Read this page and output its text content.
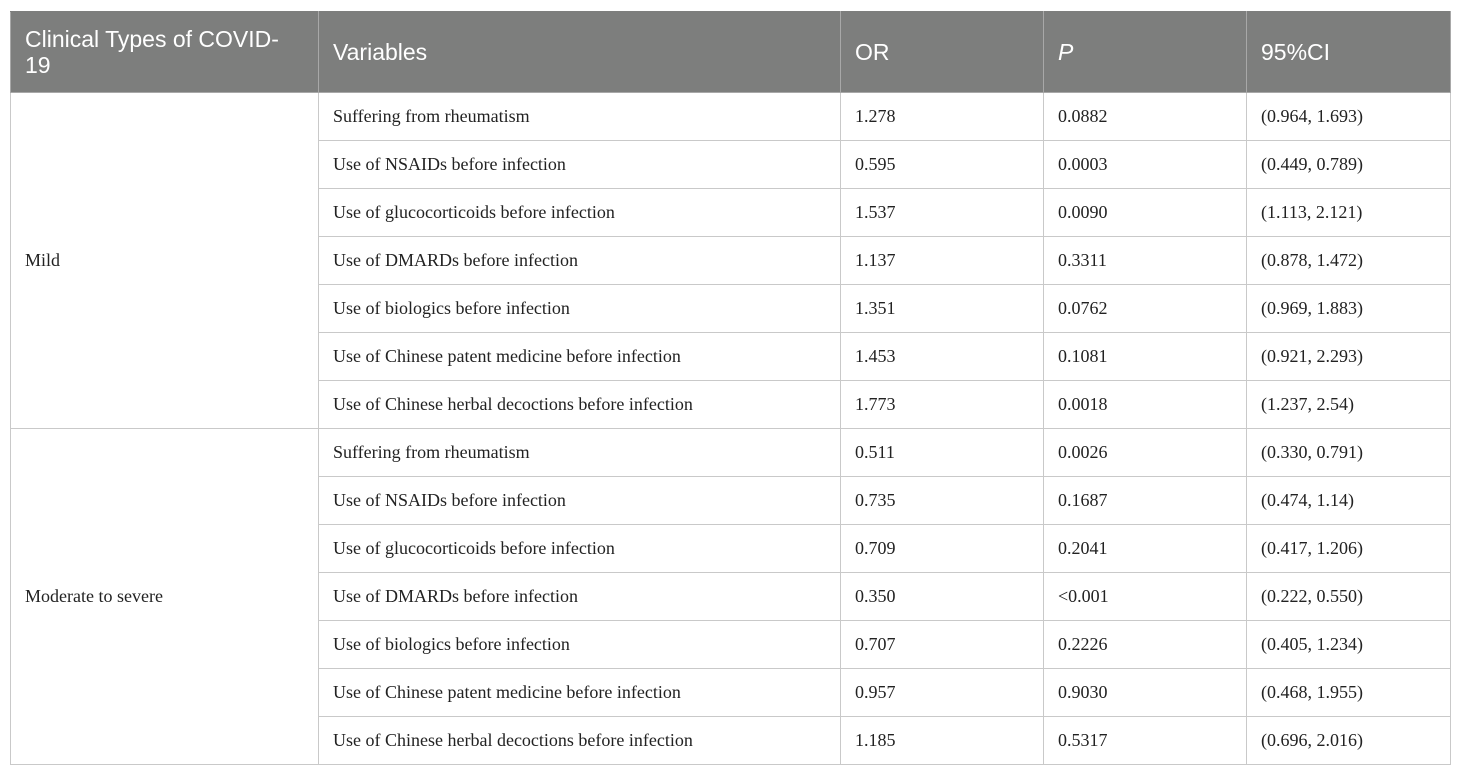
Clinical Types of COVID-19	Variables	OR	P	95%CI
Mild	Suffering from rheumatism	1.278	0.0882	(0.964, 1.693)
	Use of NSAIDs before infection	0.595	0.0003	(0.449, 0.789)
	Use of glucocorticoids before infection	1.537	0.0090	(1.113, 2.121)
	Use of DMARDs before infection	1.137	0.3311	(0.878, 1.472)
	Use of biologics before infection	1.351	0.0762	(0.969, 1.883)
	Use of Chinese patent medicine before infection	1.453	0.1081	(0.921, 2.293)
	Use of Chinese herbal decoctions before infection	1.773	0.0018	(1.237, 2.54)
Moderate to severe	Suffering from rheumatism	0.511	0.0026	(0.330, 0.791)
	Use of NSAIDs before infection	0.735	0.1687	(0.474, 1.14)
	Use of glucocorticoids before infection	0.709	0.2041	(0.417, 1.206)
	Use of DMARDs before infection	0.350	<0.001	(0.222, 0.550)
	Use of biologics before infection	0.707	0.2226	(0.405, 1.234)
	Use of Chinese patent medicine before infection	0.957	0.9030	(0.468, 1.955)
	Use of Chinese herbal decoctions before infection	1.185	0.5317	(0.696, 2.016)
